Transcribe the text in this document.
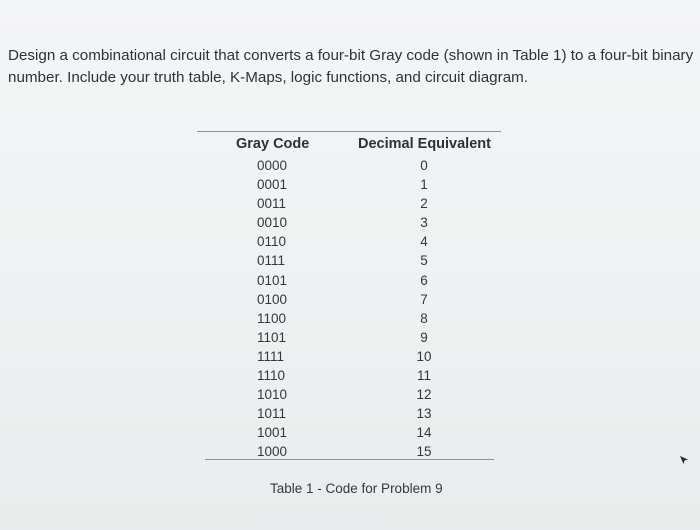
Design a combinational circuit that converts a four-bit Gray code (shown in Table 1) to a four-bit binary number. Include your truth table, K-Maps, logic functions, and circuit diagram.
Gray Code	Decimal Equivalent
0000
0001
0011
0010
0110
0111
0101
0100
1100
1101
1111
1110
1010
1011
1001
1000
0
1
2
3
4
5
6
7
8
9
10
11
12
13
14
15
Table 1 - Code for Problem 9
